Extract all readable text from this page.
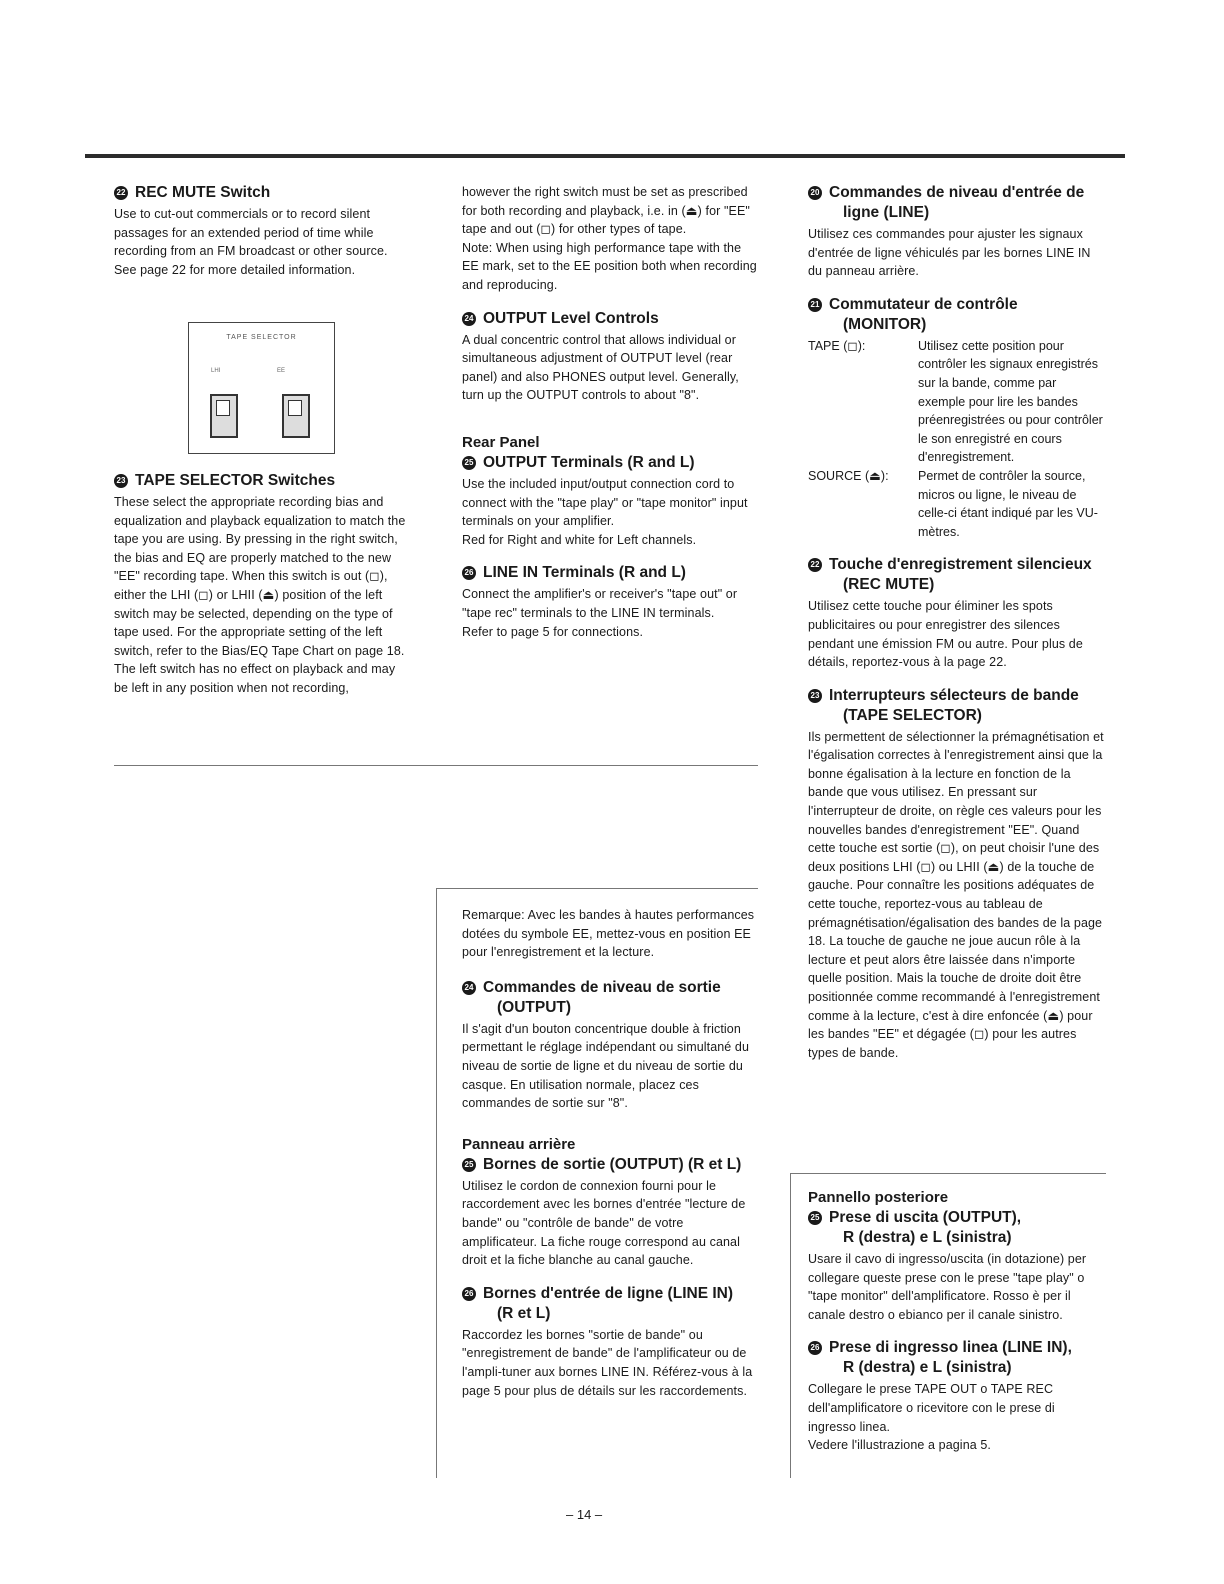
22 REC MUTE Switch

Use to cut-out commercials or to record silent passages for an extended period of time while recording from an FM broadcast or other source. See page 22 for more detailed information.

TAPE SELECTOR
LHI	EE
23 TAPE SELECTOR Switches

These select the appropriate recording bias and equalization and playback equalization to match the tape you are using. By pressing in the right switch, the bias and EQ are properly matched to the new "EE" recording tape. When this switch is out (◻), either the LHI (◻) or LHII (⏏) position of the left switch may be selected, depending on the type of tape used. For the appropriate setting of the left switch, refer to the Bias/EQ Tape Chart on page 18. The left switch has no effect on playback and may be left in any position when not recording,

however the right switch must be set as prescribed for both recording and playback, i.e. in (⏏) for "EE" tape and out (◻) for other types of tape.

Note: When using high performance tape with the EE mark, set to the EE position both when recording and reproducing.

24 OUTPUT Level Controls

A dual concentric control that allows individual or simultaneous adjustment of OUTPUT level (rear panel) and also PHONES output level. Generally, turn up the OUTPUT controls to about "8".

Rear Panel
25 OUTPUT Terminals (R and L)

Use the included input/output connection cord to connect with the "tape play" or "tape monitor" input terminals on your amplifier.

Red for Right and white for Left channels.

26 LINE IN Terminals (R and L)

Connect the amplifier's or receiver's "tape out" or "tape rec" terminals to the LINE IN terminals.

Refer to page 5 for connections.

20 Commandes de niveau d'entrée de
ligne (LINE)

Utilisez ces commandes pour ajuster les signaux d'entrée de ligne véhiculés par les bornes LINE IN du panneau arrière.

21 Commutateur de contrôle
(MONITOR)
TAPE (◻):	Utilisez cette position pour contrôler les signaux enregistrés sur la bande, comme par exemple pour lire les bandes préenregistrées ou pour contrôler le son enregistré en cours d'enregistrement.
SOURCE (⏏):	Permet de contrôler la source, micros ou ligne, le niveau de celle-ci étant indiqué par les VU-mètres.
22 Touche d'enregistrement silencieux
(REC MUTE)

Utilisez cette touche pour éliminer les spots publicitaires ou pour enregistrer des silences pendant une émission FM ou autre. Pour plus de détails, reportez-vous à la page 22.

23 Interrupteurs sélecteurs de bande
(TAPE SELECTOR)

Ils permettent de sélectionner la prémagnétisation et l'égalisation correctes à l'enregistrement ainsi que la bonne égalisation à la lecture en fonction de la bande que vous utilisez. En pressant sur l'interrupteur de droite, on règle ces valeurs pour les nouvelles bandes d'enregistrement "EE". Quand cette touche est sortie (◻), on peut choisir l'une des deux positions LHI (◻) ou LHII (⏏) de la touche de gauche. Pour connaître les positions adéquates de cette touche, reportez-vous au tableau de prémagnétisation/égalisation des bandes de la page 18. La touche de gauche ne joue aucun rôle à la lecture et peut alors être laissée dans n'importe quelle position. Mais la touche de droite doit être positionnée comme recommandé à l'enregistrement comme à la lecture, c'est à dire enfoncée (⏏) pour les bandes "EE" et dégagée (◻) pour les autres types de bande.

Remarque: Avec les bandes à hautes performances dotées du symbole EE, mettez-vous en position EE pour l'enregistrement et la lecture.

24 Commandes de niveau de sortie
(OUTPUT)

Il s'agit d'un bouton concentrique double à friction permettant le réglage indépendant ou simultané du niveau de sortie de ligne et du niveau de sortie du casque. En utilisation normale, placez ces commandes de sortie sur "8".

Panneau arrière
25 Bornes de sortie (OUTPUT) (R et L)

Utilisez le cordon de connexion fourni pour le raccordement avec les bornes d'entrée "lecture de bande" ou "contrôle de bande" de votre amplificateur. La fiche rouge correspond au canal droit et la fiche blanche au canal gauche.

26 Bornes d'entrée de ligne (LINE IN)
(R et L)

Raccordez les bornes "sortie de bande" ou "enregistrement de bande" de l'amplificateur ou de l'ampli-tuner aux bornes LINE IN. Référez-vous à la page 5 pour plus de détails sur les raccordements.

Pannello posteriore
25 Prese di uscita (OUTPUT),
R (destra) e L (sinistra)

Usare il cavo di ingresso/uscita (in dotazione) per collegare queste prese con le prese "tape play" o "tape monitor" dell'amplificatore. Rosso è per il canale destro o ebianco per il canale sinistro.

26 Prese di ingresso linea (LINE IN),
R (destra) e L (sinistra)

Collegare le prese TAPE OUT o TAPE REC dell'amplificatore o ricevitore con le prese di ingresso linea.

Vedere l'illustrazione a pagina 5.

– 14 –
